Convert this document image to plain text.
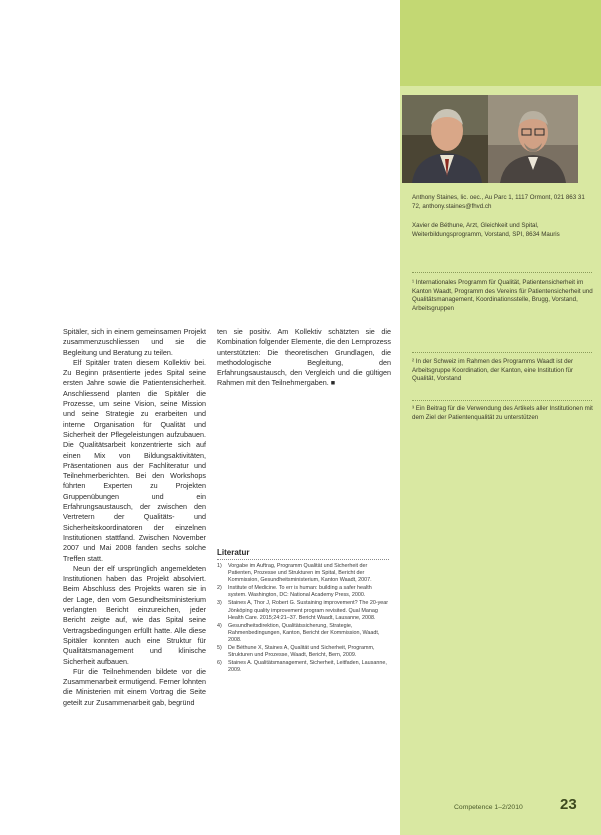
Anthony Staines, lic. oec., Au Parc 1, 1117 Ormont, 021 863 31 72, anthony.staines@fhvd.ch
Xavier de Béthune, Arzt, Gleichkeit und Spital, Weiterbildungsprogramm, Vorstand, SPI, 8634 Mauris
¹ Internationales Programm für Qualität, Patientensicherheit im Kanton Waadt, Programm des Vereins für Patientensicherheit und Qualitätsmanagement, Koordinationsstelle, Brugg, Vorstand, Arbeitsgruppen
² In der Schweiz im Rahmen des Programms Waadt ist der Arbeitsgruppe Koordination, der Kanton, eine Institution für Qualität, Vorstand
³ Ein Beitrag für die Verwendung des Artikels aller Institutionen mit dem Ziel der Patientenqualität zu unterstützen

Spitäler, sich in einem gemeinsamen Projekt zusammenzuschliessen und sie die Begleitung und Beratung zu teilen.

Elf Spitäler traten diesem Kollektiv bei. Zu Beginn präsentierte jedes Spital seine ersten Jahre sowie die Patientensicherheit. Anschliessend planten die Spitäler die Prozesse, um seine Vision, seine Mission und seine Strategie zu erarbeiten und interne Organisation für Qualität und Sicherheit der Pflegeleistungen aufzubauen. Die Qualitätsarbeit konzentrierte sich auf einen Mix von Bildungsaktivitäten, Präsentationen aus der Fachliteratur und Teilnehmerberichten. Bei den Workshops führten Experten zu Projekten Gruppenübungen und ein Erfahrungsaustausch, der zwischen den Vertretern der Qualitäts- und Sicherheitskoordinatoren der einzelnen Institutionen stattfand. Zwischen November 2007 und Mai 2008 fanden sechs solche Treffen statt.

Neun der elf ursprünglich angemeldeten Institutionen haben das Projekt absolviert. Beim Abschluss des Projekts waren sie in der Lage, den vom Gesundheitsministerium verlangten Bericht einzureichen, jeder Bericht zeigte auf, wie das Spital seine Vertragsbedingungen erfüllt hatte. Alle diese Spitäler konnten auch eine Struktur für Qualitätsmanagement und klinische Sicherheit aufbauen.

Für die Teilnehmenden bildete vor die Zusammenarbeit ermutigend. Ferner lohnten die Ministerien mit einem Vortrag die Seite geteilt zur Zusammenarbeit gab, begründ

ten sie positiv. Am Kollektiv schätzten sie die Kombination folgender Elemente, die den Lernprozess unterstützten: Die theoretischen Grundlagen, die methodologische Begleitung, den Erfahrungsaustausch, den Vergleich und die gültigen Rahmen mit den Teilnehmergaben. ■

Literatur
1)	Vorgabe im Auftrag, Programm Qualität und Sicherheit der Patienten, Prozesse und Strukturen im Spital, Bericht der Kommission, Gesundheitsministerium, Kanton Waadt, 2007.
2)	Institute of Medicine. To err is human: building a safer health system. Washington, DC: National Academy Press, 2000.
3)	Staines A, Thor J, Robert G. Sustaining improvement? The 20-year Jönköping quality improvement program revisited. Qual Manag Health Care. 2015;24:21–37. Bericht Waadt, Lausanne, 2008.
4)	Gesundheitsdirektion, Qualitätssicherung, Strategie, Rahmenbedingungen, Kanton, Bericht der Kommission, Waadt, 2008.
5)	De Béthune X, Staines A, Qualität und Sicherheit, Programm, Strukturen und Prozesse, Waadt, Bericht, Bern, 2009.
6)	Staines A. Qualitätsmanagement, Sicherheit, Leitfaden, Lausanne, 2009.
Competence 1–2/2010 23
